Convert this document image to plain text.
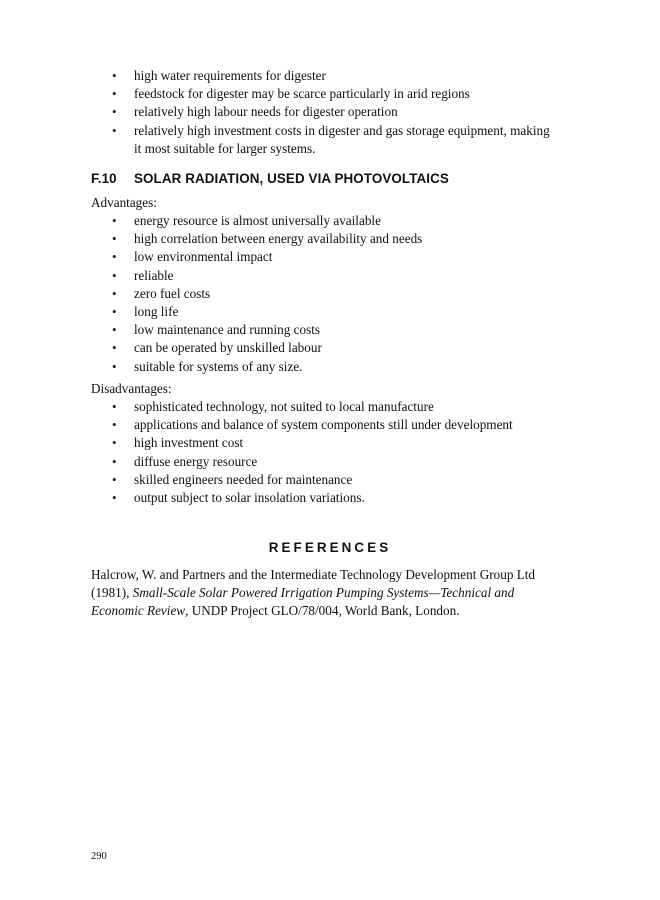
• high water requirements for digester
• feedstock for digester may be scarce particularly in arid regions
• relatively high labour needs for digester operation
• relatively high investment costs in digester and gas storage equipment, making it most suitable for larger systems.
F.10 SOLAR RADIATION, USED VIA PHOTOVOLTAICS
Advantages:
• energy resource is almost universally available
• high correlation between energy availability and needs
• low environmental impact
• reliable
• zero fuel costs
• long life
• low maintenance and running costs
• can be operated by unskilled labour
• suitable for systems of any size.
Disadvantages:
• sophisticated technology, not suited to local manufacture
• applications and balance of system components still under development
• high investment cost
• diffuse energy resource
• skilled engineers needed for maintenance
• output subject to solar insolation variations.
REFERENCES
Halcrow, W. and Partners and the Intermediate Technology Development Group Ltd (1981), Small-Scale Solar Powered Irrigation Pumping Systems—Technical and Economic Review, UNDP Project GLO/78/004, World Bank, London.
290
